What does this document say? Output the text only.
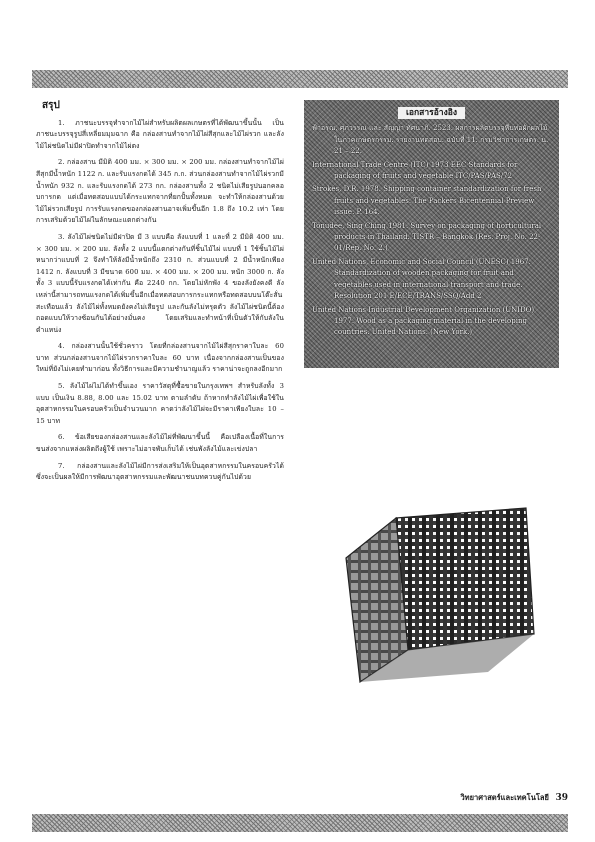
สรุป

1. ภาชนะบรรจุทำจากไม้ไผ่สำหรับผลิตผลเกษตรที่ได้พัฒนาขึ้นนั้น เป็นภาชนะบรรจุรูปสี่เหลี่ยมมุมฉาก คือ กล่องสานทำจากไม้ไผ่สีสุกและไม้ไผ่รวก และลังไม้ไผ่ชนิดไม่มีฝาปิดทำจากไม้ไผ่ตง

2. กล่องสาน มีมิติ 400 มม. × 300 มม. × 200 มม. กล่องสานทำจากไม้ไผ่สีสุกมีน้ำหนัก 1122 ก. และรับแรงกดได้ 345 ก.ก. ส่วนกล่องสานทำจากไม้ไผ่รวกมีน้ำหนัก 932 ก. และรับแรงกดได้ 273 กก. กล่องสานทั้ง 2 ชนิดไม่เสียรูปนอกคลอบการกด แต่เมื่อทดสอบแบบได้กระแทกจากที่ยกปั้นทั้งหมด จะทำให้กล่องสานด้วยไม้ไผ่รวกเสียรูป การรับแรงกดของกล่องสานอาจเพิ่มขึ้นอีก 1.8 ถึง 10.2 เท่า โดยการเสริมด้วยไม้ไผ่ในลักษณะแตกต่างกัน

3. ลังไม้ไผ่ชนิดไม่มีฝาปิด มี 3 แบบคือ ลังแบบที่ 1 และที่ 2 มีมิติ 400 มม. × 300 มม. × 200 มม. ลังทั้ง 2 แบบนี้แตกต่างกันที่ชิ้นไม้ไผ่ แบบที่ 1 ใช้ชิ้นไม้ไผ่หนากว่าแบบที่ 2 จึงทำให้ลังมีน้ำหนักถึง 2310 ก. ส่วนแบบที่ 2 มีน้ำหนักเพียง 1412 ก. ลังแบบที่ 3 มีขนาด 600 มม. × 400 มม. × 200 มม. หนัก 3000 ก. ลังทั้ง 3 แบบนี้รับแรงกดได้เท่ากัน คือ 2240 กก. โดยไม่หักพัง 4 ของลังยังคงดี ลังเหล่านี้สามารถทนแรงกดได้เพิ่มขึ้นอีกเมื่อทดสอบการกระแทกหรือทดสอบบนโต๊ะสั่นสะเทือนแล้ว ลังไม้ไผ่ทั้งหมดยังคงไม่เสียรูป และกันลังไม่ทรุดตัว ลังไม้ไผ่ชนิดนี้ต้องถอดแบบให้วางซ้อนกันได้อย่างมั่นคง โดยเสริมและทำหน้าที่เป็นตัวให้กับลังในตำแหน่ง

4. กล่องสานนั้นใช้ชั่วคราว โดยที่กล่องสานจากไม้ไผ่สีสุกราคาใบละ 60 บาท ส่วนกล่องสานจากไม้ไผ่รวกราคาใบละ 60 บาท เนื่องจากกล่องสานเป็นของใหม่ที่ยังไม่เคยทำมาก่อน ทั้งวิธีการและมีความชำนาญแล้ว ราคาน่าจะถูกลงอีกมาก

5. ลังไม้ไผ่ไม่ได้ทำขึ้นเอง ราคาวัสดุที่ซื้อขายในกรุงเทพฯ สำหรับลังทั้ง 3 แบบ เป็นเงิน 8.88, 8.00 และ 15.02 บาท ตามลำดับ ถ้าหากทำลังไม้ไผ่เพื่อใช้ในอุตสาหกรรมในครอบครัวเป็นจำนวนมาก คาดว่าลังไม้ไผ่จะมีราคาเพียงใบละ 10 – 15 บาท

6. ข้อเสียของกล่องสานและลังไม้ไผ่ที่พัฒนาขึ้นนี้ คือเปลืองเนื้อที่ในการขนส่งจากแหล่งผลิตถึงผู้ใช้ เพราะไม่อาจพับเก็บได้ เช่นพังลังไม้และเข่งปลา

7. กล่องสานและลังไม้ไผ่มีการส่งเสริมให้เป็นอุตสาหกรรมในครอบครัวได้ ซึ่งจะเป็นผลให้มีการพัฒนาอุตสาหกรรมและพัฒนาชนบทควบคู่กันไปด้วย

เอกสารอ้างอิง

ฟ้าอรุณ, ศุภวรรณ และ สัญญา ทัศนาภิ. 2523. ผลการผลิตบรรจุหีบห่อผักผลไม้ในภาคเกษตรกรรม. รายงานทดสอบ. ฉบับที่ 11. กรมวิชาการเกษตร. น. 21 – 22.

International Trade Centre (ITC) 1973 EEC Standards for packaging of fruits and vegetable ITC/PAS/PAS/72

Strokes, D.R. 1978. Shipping container standardization for fresh fruits and vegetables. The Packers Bicentennial Preview issue. P. 164.

Tonudee, Sing Ching 1981. Survey on packaging of horticultural products in Thailand. TISTR – Bangkok (Res. Proj. No. 22-01/Rep. No. 2.)

United Nations, Economic and Social Council (UNESC) 1967. Standardization of wooden packaging for fruit and vegetables used in international transport and trade. Resolution 201 E/ECE/TRANS/SSQ/Add 2

United Nations Industrial Development Organization (UNIDO) 1977. Wood as a packaging material in the developing countries. United Nations. (New York.)

วิทยาศาสตร์และเทคโนโลยี 39
